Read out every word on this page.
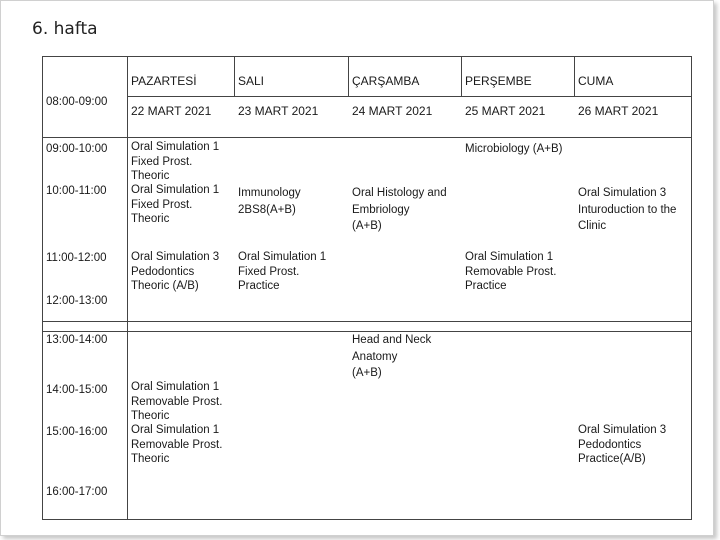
6. hafta

PAZARTESİ

22 MART 2021

SALI

23 MART 2021

ÇARŞAMBA

24 MART 2021

PERŞEMBE

25 MART 2021

CUMA

26 MART 2021

08:00-09:00
09:00-10:00
10:00-11:00
11:00-12:00
12:00-13:00
13:00-14:00
14:00-15:00
15:00-16:00
16:00-17:00
Oral Simulation 1
Fixed Prost.
Theoric
Oral Simulation 1
Fixed Prost.
Theoric
Oral Simulation 3
Pedodontics
Theoric (A/B)
Oral Simulation 1
Removable Prost.
Theoric
Oral Simulation 1
Removable Prost.
Theoric
Immunology
2BS8(A+B)
Oral Simulation 1
Fixed Prost.
Practice
Oral Histology and
Embriology
(A+B)
Head and Neck
Anatomy
(A+B)
Microbiology (A+B)
Oral Simulation 1
Removable Prost.
Practice
Oral Simulation 3
Inturoduction to the
Clinic
Oral Simulation 3
Pedodontics
Practice(A/B)
